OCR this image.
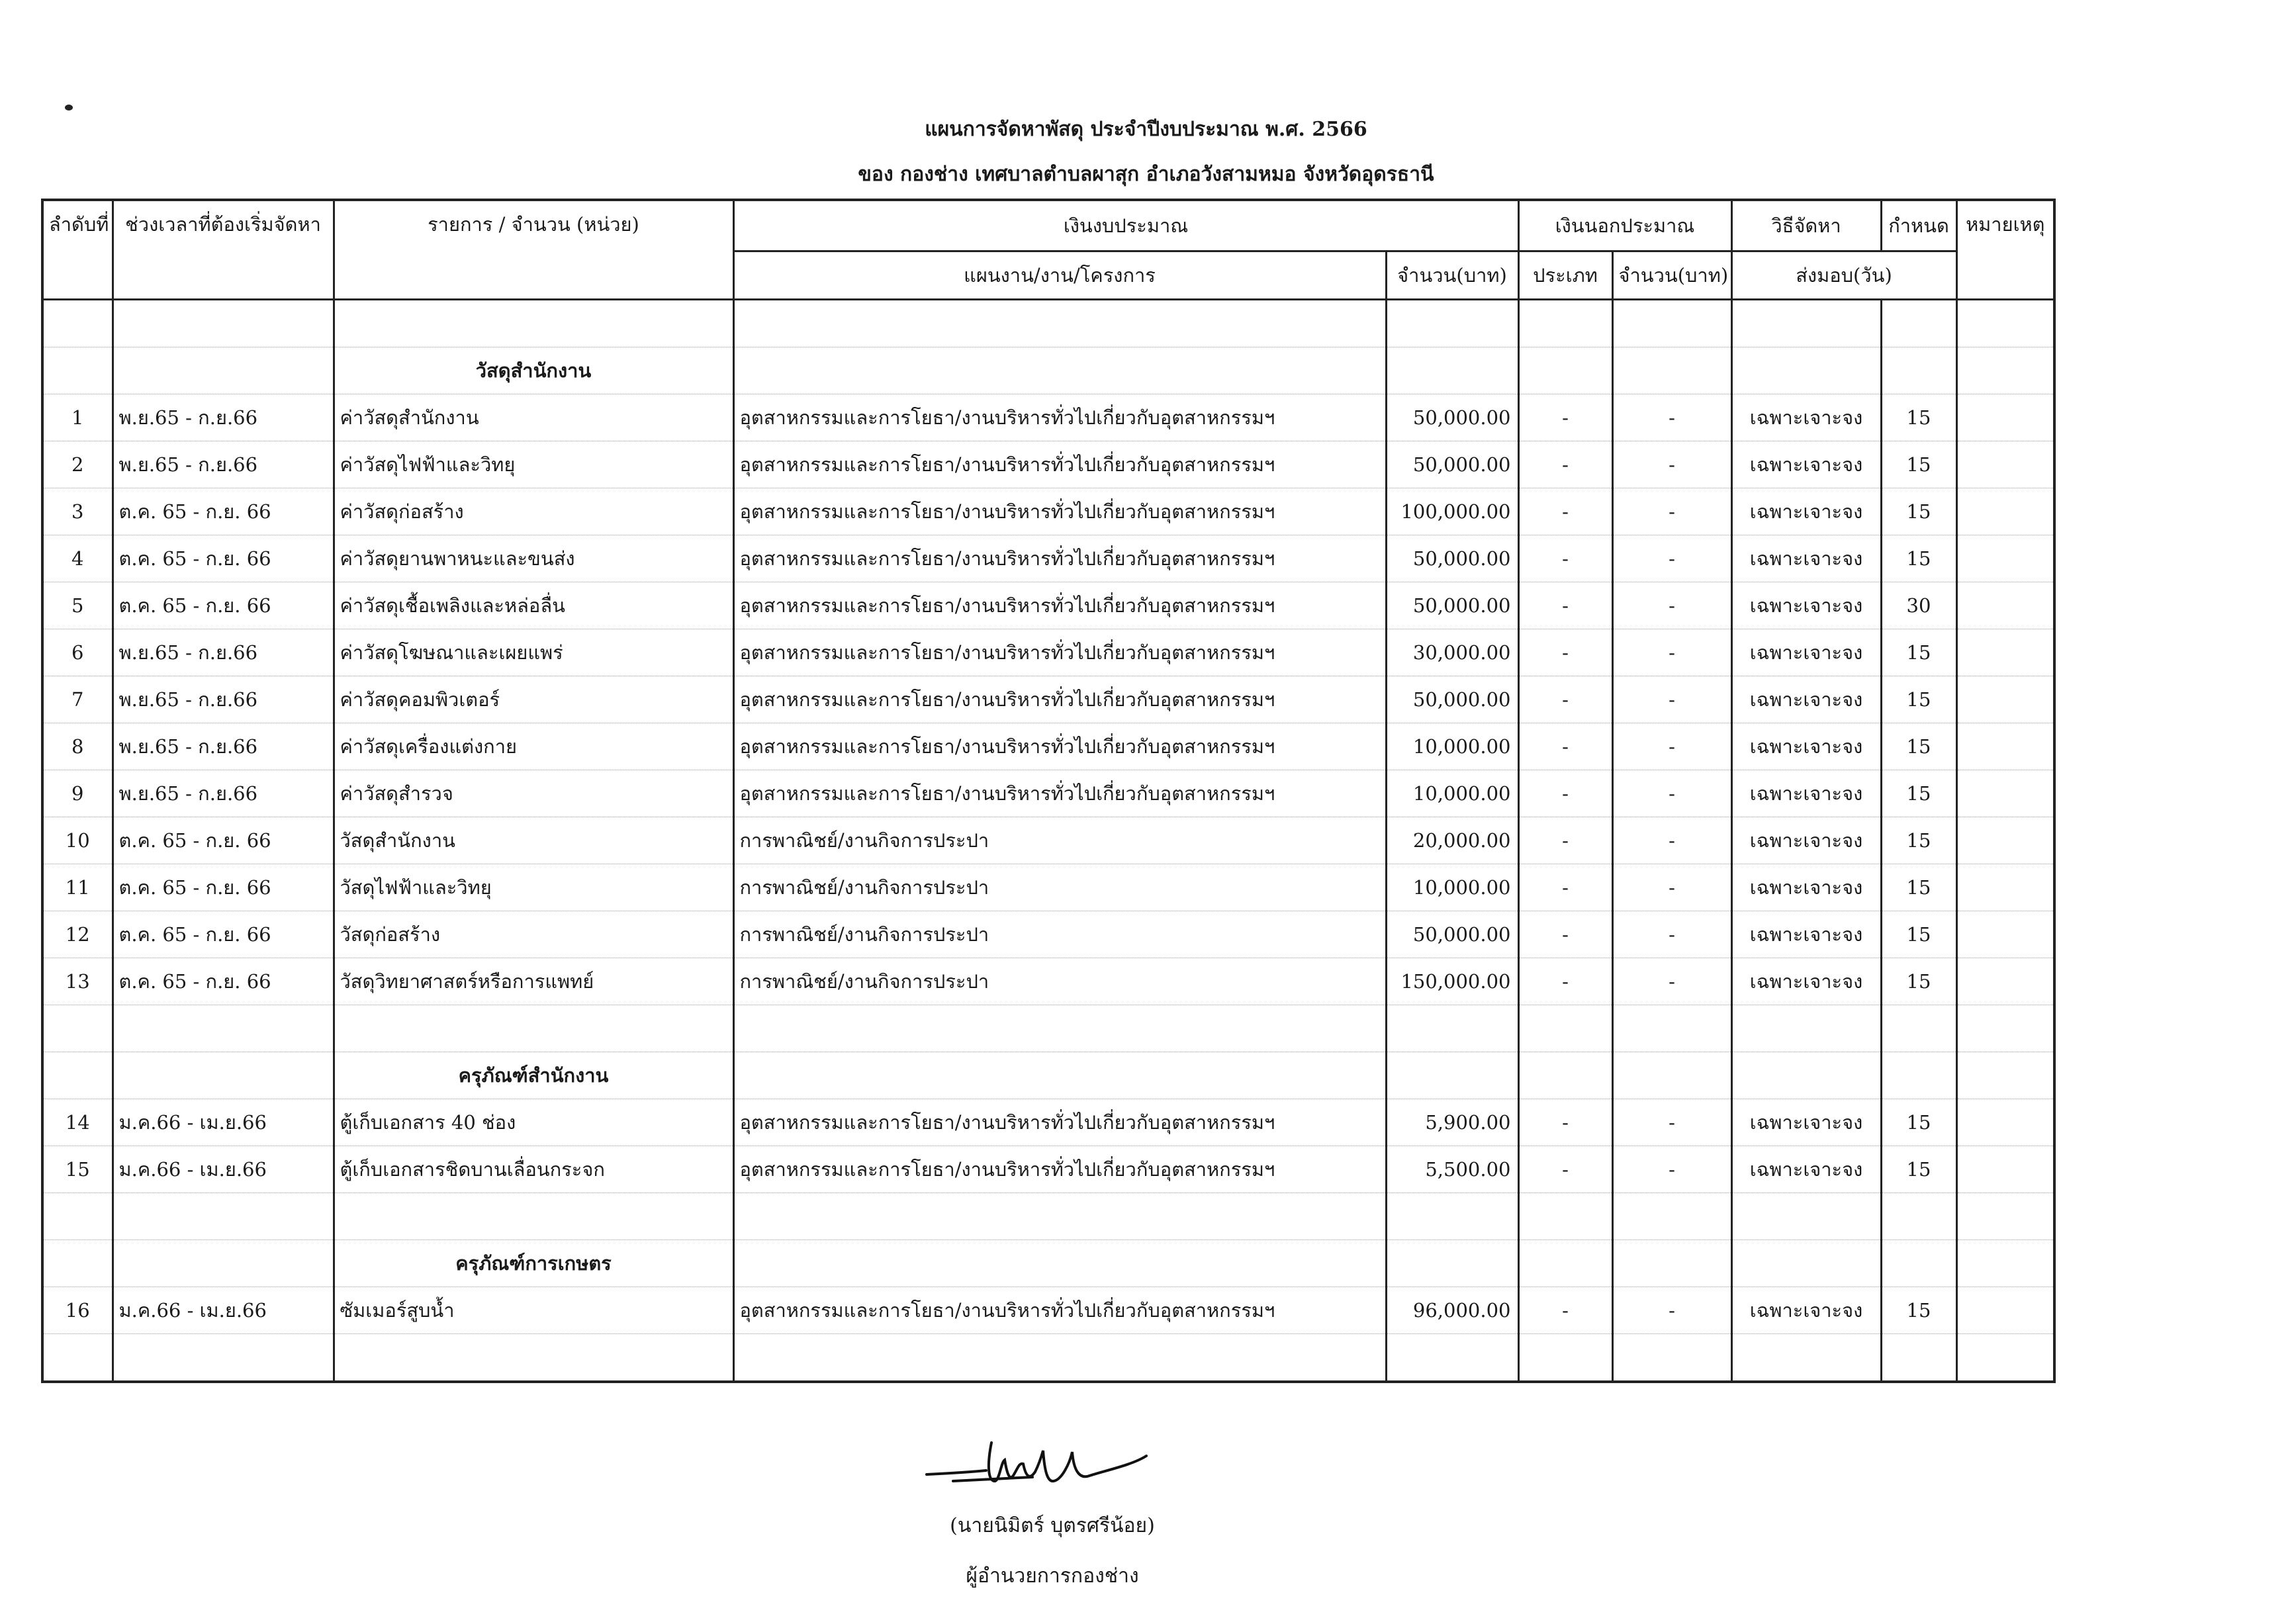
แผนการจัดหาพัสดุ ประจำปีงบประมาณ พ.ศ. 2566
ของ กองช่าง เทศบาลตำบลผาสุก อำเภอวังสามหมอ จังหวัดอุดรธานี
ลำดับที่	ช่วงเวลาที่ต้องเริ่มจัดหา	รายการ / จำนวน (หน่วย)	เงินงบประมาณ		เงินนอกประมาณ		วิธีจัดหา	กำหนด	หมายเหตุ
			แผนงาน/งาน/โครงการ	จำนวน(บาท)	ประเภท	จำนวน(บาท)	ส่งมอบ(วัน)		

		วัสดุสำนักงาน							
1	พ.ย.65 - ก.ย.66	ค่าวัสดุสำนักงาน	อุตสาหกรรมและการโยธา/งานบริหารทั่วไปเกี่ยวกับอุตสาหกรรมฯ	50,000.00	-	-	เฉพาะเจาะจง	15	
2	พ.ย.65 - ก.ย.66	ค่าวัสดุไฟฟ้าและวิทยุ	อุตสาหกรรมและการโยธา/งานบริหารทั่วไปเกี่ยวกับอุตสาหกรรมฯ	50,000.00	-	-	เฉพาะเจาะจง	15	
3	ต.ค. 65 - ก.ย. 66	ค่าวัสดุก่อสร้าง	อุตสาหกรรมและการโยธา/งานบริหารทั่วไปเกี่ยวกับอุตสาหกรรมฯ	100,000.00	-	-	เฉพาะเจาะจง	15	
4	ต.ค. 65 - ก.ย. 66	ค่าวัสดุยานพาหนะและขนส่ง	อุตสาหกรรมและการโยธา/งานบริหารทั่วไปเกี่ยวกับอุตสาหกรรมฯ	50,000.00	-	-	เฉพาะเจาะจง	15	
5	ต.ค. 65 - ก.ย. 66	ค่าวัสดุเชื้อเพลิงและหล่อลื่น	อุตสาหกรรมและการโยธา/งานบริหารทั่วไปเกี่ยวกับอุตสาหกรรมฯ	50,000.00	-	-	เฉพาะเจาะจง	30	
6	พ.ย.65 - ก.ย.66	ค่าวัสดุโฆษณาและเผยแพร่	อุตสาหกรรมและการโยธา/งานบริหารทั่วไปเกี่ยวกับอุตสาหกรรมฯ	30,000.00	-	-	เฉพาะเจาะจง	15	
7	พ.ย.65 - ก.ย.66	ค่าวัสดุคอมพิวเตอร์	อุตสาหกรรมและการโยธา/งานบริหารทั่วไปเกี่ยวกับอุตสาหกรรมฯ	50,000.00	-	-	เฉพาะเจาะจง	15	
8	พ.ย.65 - ก.ย.66	ค่าวัสดุเครื่องแต่งกาย	อุตสาหกรรมและการโยธา/งานบริหารทั่วไปเกี่ยวกับอุตสาหกรรมฯ	10,000.00	-	-	เฉพาะเจาะจง	15	
9	พ.ย.65 - ก.ย.66	ค่าวัสดุสำรวจ	อุตสาหกรรมและการโยธา/งานบริหารทั่วไปเกี่ยวกับอุตสาหกรรมฯ	10,000.00	-	-	เฉพาะเจาะจง	15	
10	ต.ค. 65 - ก.ย. 66	วัสดุสำนักงาน	การพาณิชย์/งานกิจการประปา	20,000.00	-	-	เฉพาะเจาะจง	15	
11	ต.ค. 65 - ก.ย. 66	วัสดุไฟฟ้าและวิทยุ	การพาณิชย์/งานกิจการประปา	10,000.00	-	-	เฉพาะเจาะจง	15	
12	ต.ค. 65 - ก.ย. 66	วัสดุก่อสร้าง	การพาณิชย์/งานกิจการประปา	50,000.00	-	-	เฉพาะเจาะจง	15	
13	ต.ค. 65 - ก.ย. 66	วัสดุวิทยาศาสตร์หรือการแพทย์	การพาณิชย์/งานกิจการประปา	150,000.00	-	-	เฉพาะเจาะจง	15	

		ครุภัณฑ์สำนักงาน							
14	ม.ค.66 - เม.ย.66	ตู้เก็บเอกสาร 40 ช่อง	อุตสาหกรรมและการโยธา/งานบริหารทั่วไปเกี่ยวกับอุตสาหกรรมฯ	5,900.00	-	-	เฉพาะเจาะจง	15	
15	ม.ค.66 - เม.ย.66	ตู้เก็บเอกสารชิดบานเลื่อนกระจก	อุตสาหกรรมและการโยธา/งานบริหารทั่วไปเกี่ยวกับอุตสาหกรรมฯ	5,500.00	-	-	เฉพาะเจาะจง	15	

		ครุภัณฑ์การเกษตร							
16	ม.ค.66 - เม.ย.66	ซัมเมอร์สูบน้ำ	อุตสาหกรรมและการโยธา/งานบริหารทั่วไปเกี่ยวกับอุตสาหกรรมฯ	96,000.00	-	-	เฉพาะเจาะจง	15	

(นายนิมิตร์ บุตรศรีน้อย)
ผู้อำนวยการกองช่าง
